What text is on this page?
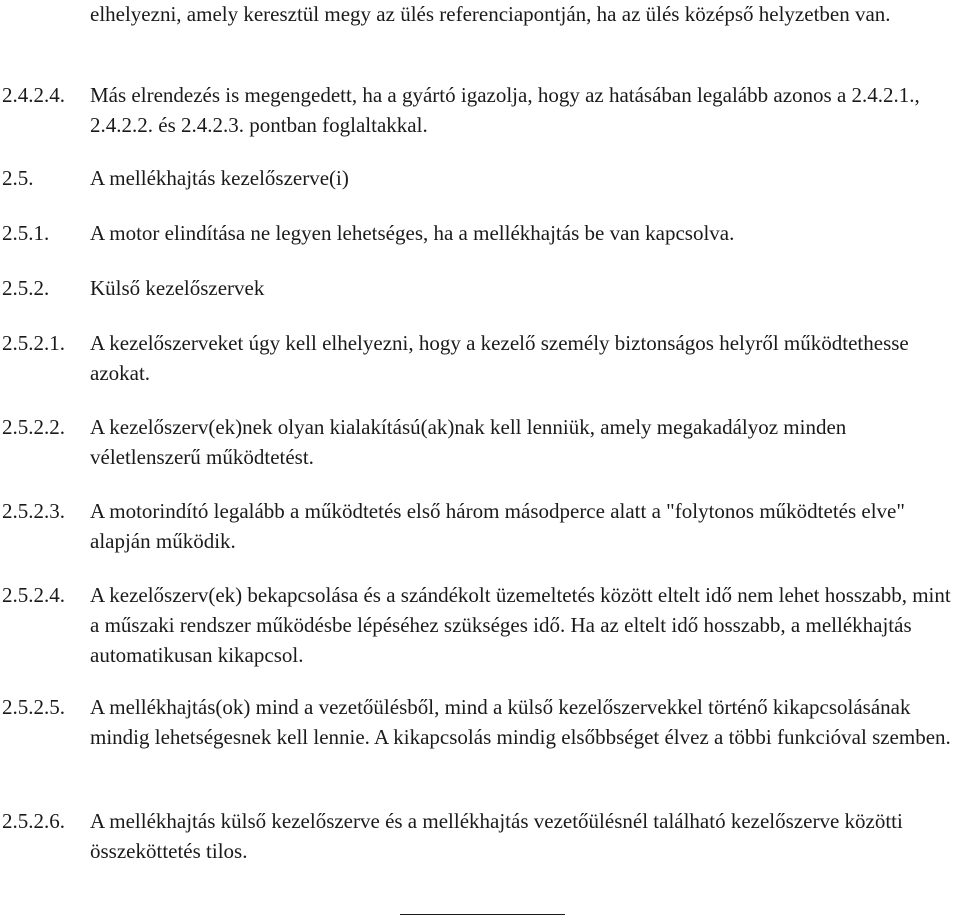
elhelyezni, amely keresztül megy az ülés referenciapontján, ha az ülés középső helyzetben van.
2.4.2.4.	Más elrendezés is megengedett, ha a gyártó igazolja, hogy az hatásában legalább azonos a 2.4.2.1., 2.4.2.2. és 2.4.2.3. pontban foglaltakkal.
2.5.	A mellékhajtás kezelőszerve(i)
2.5.1.	A motor elindítása ne legyen lehetséges, ha a mellékhajtás be van kapcsolva.
2.5.2.	Külső kezelőszervek
2.5.2.1.	A kezelőszerveket úgy kell elhelyezni, hogy a kezelő személy biztonságos helyről működtethesse azokat.
2.5.2.2.	A kezelőszerv(ek)nek olyan kialakítású(ak)nak kell lenniük, amely megakadályoz minden véletlenszerű működtetést.
2.5.2.3.	A motorindító legalább a működtetés első három másodperce alatt a "folytonos működtetés elve" alapján működik.
2.5.2.4.	A kezelőszerv(ek) bekapcsolása és a szándékolt üzemeltetés között eltelt idő nem lehet hosszabb, mint a műszaki rendszer működésbe lépéséhez szükséges idő. Ha az eltelt idő hosszabb, a mellékhajtás automatikusan kikapcsol.
2.5.2.5.	A mellékhajtás(ok) mind a vezetőülésből, mind a külső kezelőszervekkel történő kikapcsolásának mindig lehetségesnek kell lennie. A kikapcsolás mindig elsőbbséget élvez a többi funkcióval szemben.
2.5.2.6.	A mellékhajtás külső kezelőszerve és a mellékhajtás vezetőülésnél található kezelőszerve közötti összeköttetés tilos.
